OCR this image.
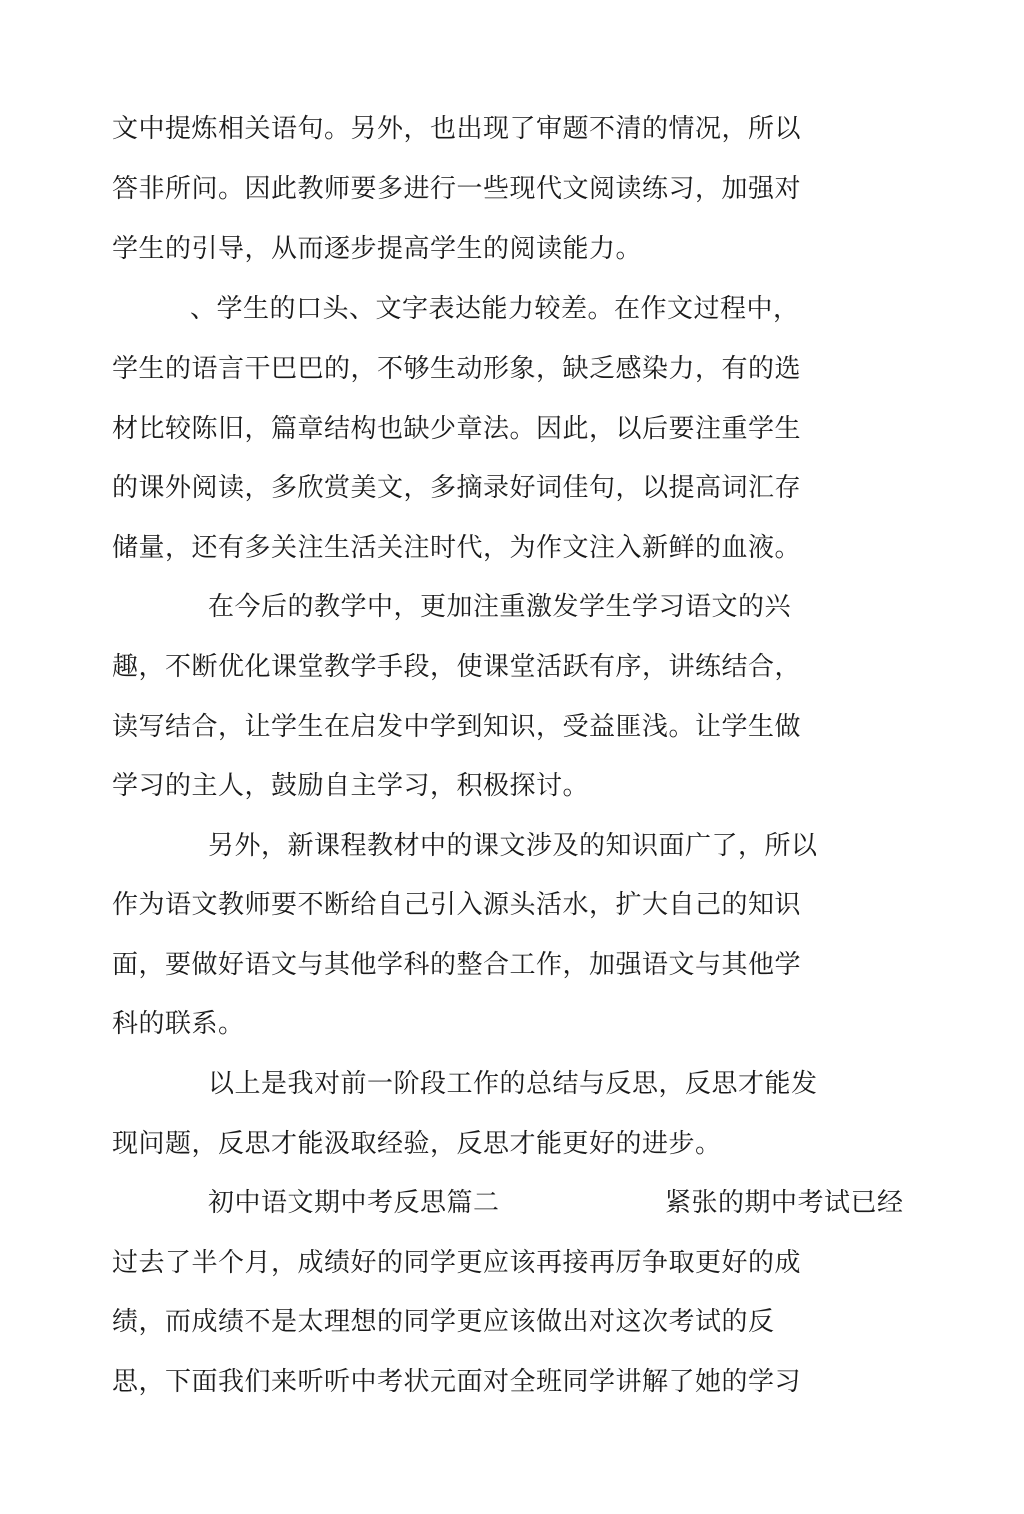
文中提炼相关语句。另外，也出现了审题不清的情况，所以
答非所问。因此教师要多进行一些现代文阅读练习，加强对
学生的引导，从而逐步提高学生的阅读能力。
、学生的口头、文字表达能力较差。在作文过程中，
学生的语言干巴巴的，不够生动形象，缺乏感染力，有的选
材比较陈旧，篇章结构也缺少章法。因此，以后要注重学生
的课外阅读，多欣赏美文，多摘录好词佳句，以提高词汇存
储量，还有多关注生活关注时代，为作文注入新鲜的血液。
在今后的教学中，更加注重激发学生学习语文的兴
趣，不断优化课堂教学手段，使课堂活跃有序，讲练结合，
读写结合，让学生在启发中学到知识，受益匪浅。让学生做
学习的主人，鼓励自主学习，积极探讨。
另外，新课程教材中的课文涉及的知识面广了，所以
作为语文教师要不断给自己引入源头活水，扩大自己的知识
面，要做好语文与其他学科的整合工作，加强语文与其他学
科的联系。
以上是我对前一阶段工作的总结与反思，反思才能发
现问题，反思才能汲取经验，反思才能更好的进步。
初中语文期中考反思篇二	紧张的期中考试已经
过去了半个月，成绩好的同学更应该再接再厉争取更好的成
绩，而成绩不是太理想的同学更应该做出对这次考试的反
思，下面我们来听听中考状元面对全班同学讲解了她的学习
